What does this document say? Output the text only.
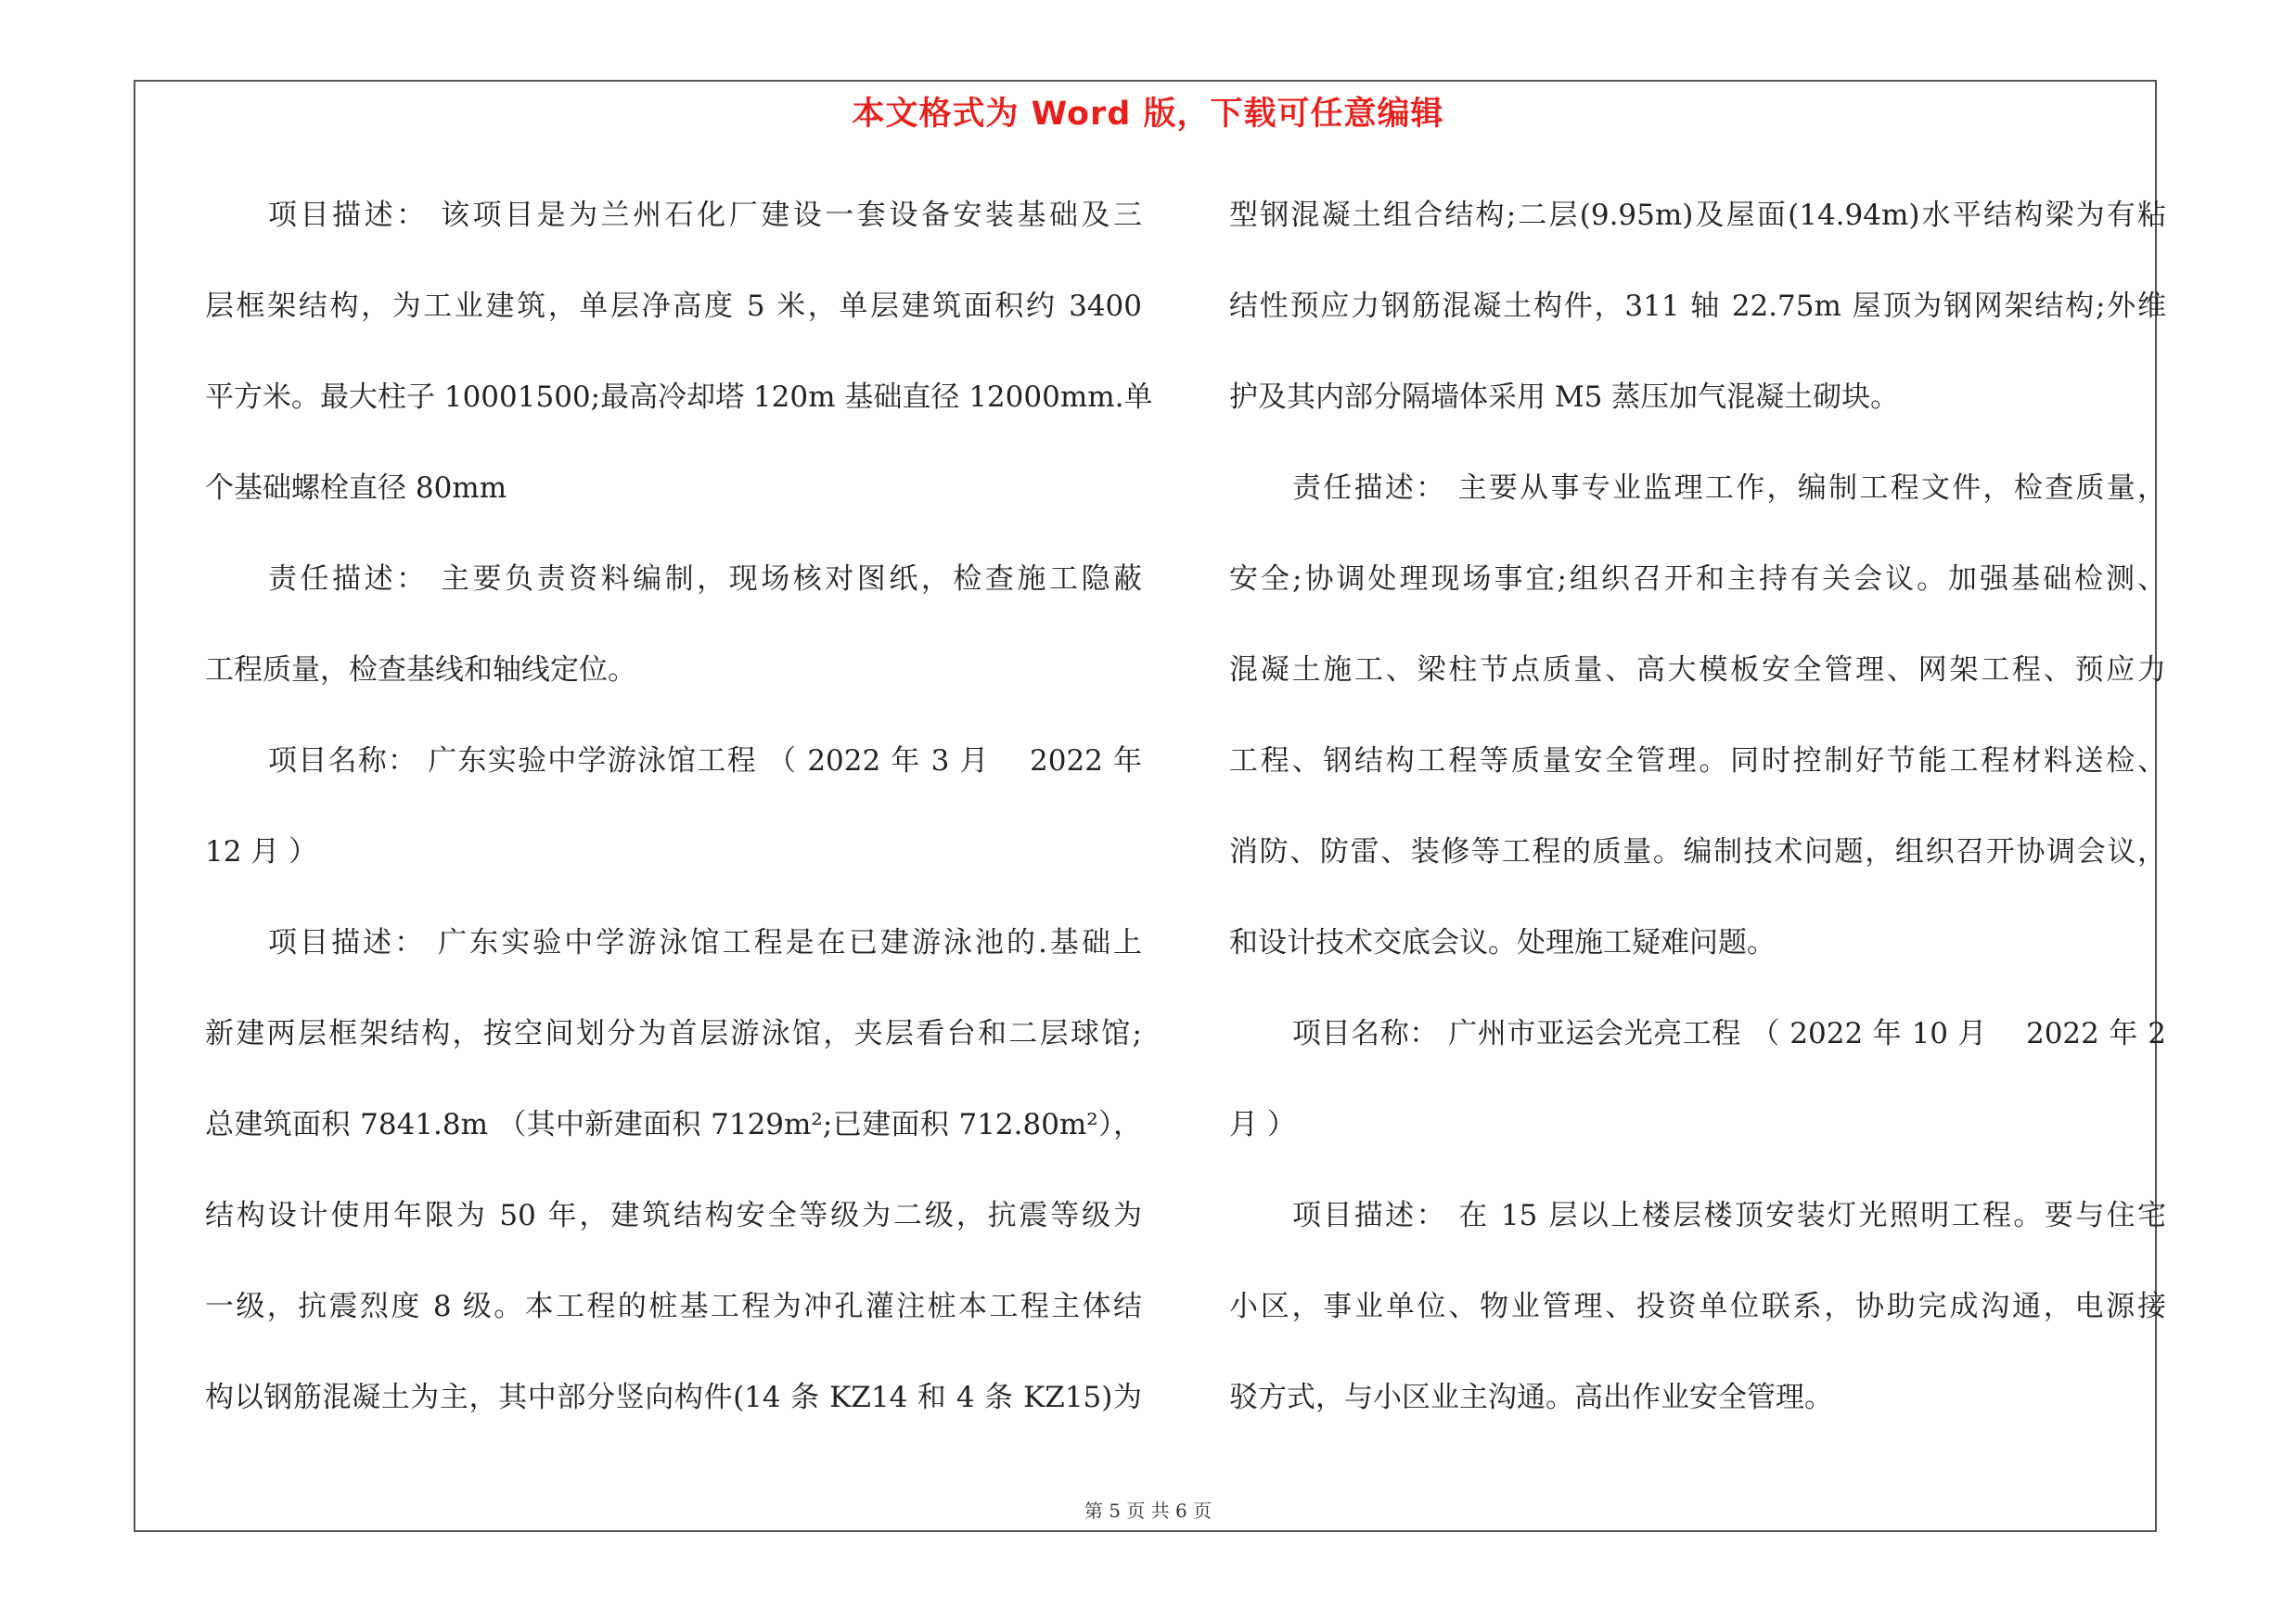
本文格式为 Word 版，下载可任意编辑
项目描述： 该项目是为兰州石化厂建设一套设备安装基础及三
层框架结构，为工业建筑，单层净高度 5 米，单层建筑面积约 3400
平方米。最大柱子 10001500;最高冷却塔 120m 基础直径 12000mm.单
个基础螺栓直径 80mm
责任描述： 主要负责资料编制，现场核对图纸，检查施工隐蔽
工程质量，检查基线和轴线定位。
项目名称： 广东实验中学游泳馆工程 （ 2022 年 3 月　 2022 年
12 月 ）
项目描述： 广东实验中学游泳馆工程是在已建游泳池的.基础上
新建两层框架结构，按空间划分为首层游泳馆，夹层看台和二层球馆;
总建筑面积 7841.8m （其中新建面积 7129m²;已建面积 712.80m²），
结构设计使用年限为 50 年，建筑结构安全等级为二级，抗震等级为
一级，抗震烈度 8 级。本工程的桩基工程为冲孔灌注桩本工程主体结
构以钢筋混凝土为主，其中部分竖向构件(14 条 KZ14 和 4 条 KZ15)为
型钢混凝土组合结构;二层(9.95m)及屋面(14.94m)水平结构梁为有粘
结性预应力钢筋混凝土构件，311 轴 22.75m 屋顶为钢网架结构;外维
护及其内部分隔墙体采用 M5 蒸压加气混凝土砌块。
责任描述： 主要从事专业监理工作，编制工程文件，检查质量，
安全;协调处理现场事宜;组织召开和主持有关会议。加强基础检测、
混凝土施工、梁柱节点质量、高大模板安全管理、网架工程、预应力
工程、钢结构工程等质量安全管理。同时控制好节能工程材料送检、
消防、防雷、装修等工程的质量。编制技术问题，组织召开协调会议，
和设计技术交底会议。处理施工疑难问题。
项目名称： 广州市亚运会光亮工程 （ 2022 年 10 月　 2022 年 2
月 ）
项目描述： 在 15 层以上楼层楼顶安装灯光照明工程。要与住宅
小区，事业单位、物业管理、投资单位联系，协助完成沟通，电源接
驳方式，与小区业主沟通。高出作业安全管理。
第 5 页 共 6 页
